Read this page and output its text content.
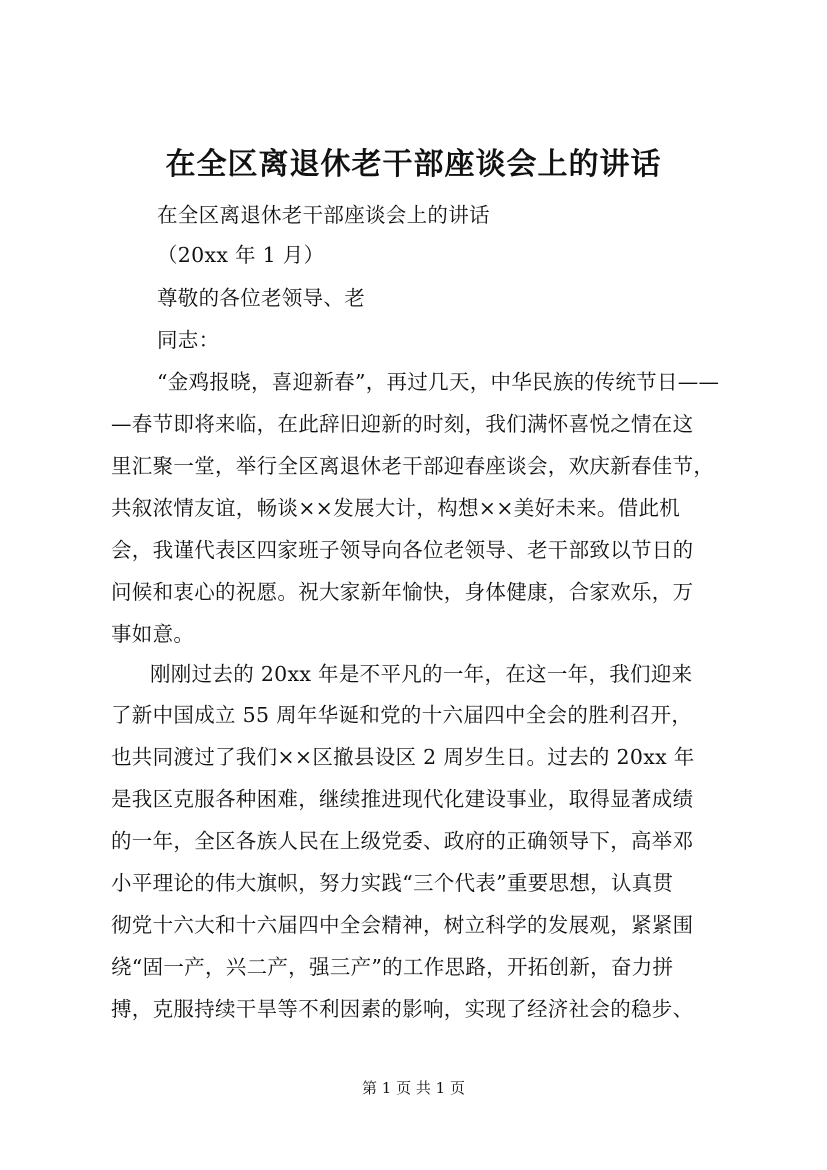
在全区离退休老干部座谈会上的讲话
在全区离退休老干部座谈会上的讲话
（20xx 年 1 月）
尊敬的各位老领导、老
同志：
“金鸡报晓，喜迎新春”，再过几天，中华民族的传统节日——
—春节即将来临，在此辞旧迎新的时刻，我们满怀喜悦之情在这
里汇聚一堂，举行全区离退休老干部迎春座谈会，欢庆新春佳节，
共叙浓情友谊，畅谈××发展大计，构想××美好未来。借此机
会，我谨代表区四家班子领导向各位老领导、老干部致以节日的
问候和衷心的祝愿。祝大家新年愉快，身体健康，合家欢乐，万
事如意。
刚刚过去的 20xx 年是不平凡的一年，在这一年，我们迎来
了新中国成立 55 周年华诞和党的十六届四中全会的胜利召开，
也共同渡过了我们××区撤县设区 2 周岁生日。过去的 20xx 年
是我区克服各种困难，继续推进现代化建设事业，取得显著成绩
的一年，全区各族人民在上级党委、政府的正确领导下，高举邓
小平理论的伟大旗帜，努力实践“三个代表”重要思想，认真贯
彻党十六大和十六届四中全会精神，树立科学的发展观，紧紧围
绕“固一产，兴二产，强三产”的工作思路，开拓创新，奋力拼
搏，克服持续干旱等不利因素的影响，实现了经济社会的稳步、
第 1 页 共 1 页
